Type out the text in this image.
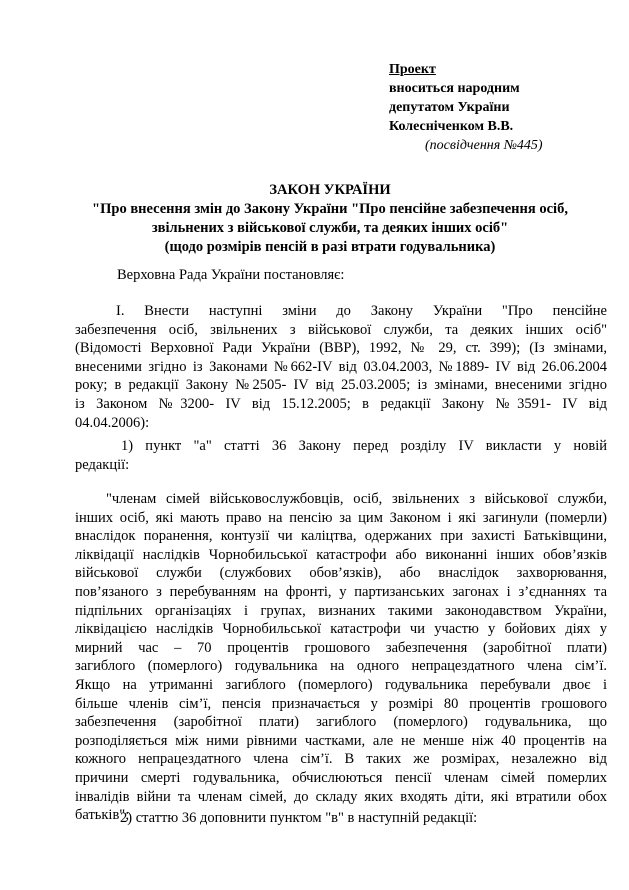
Проект
вноситься народним
депутатом України
Колесніченком В.В.
(посвідчення №445)
ЗАКОН УКРАЇНИ
"Про внесення змін до Закону України "Про пенсійне забезпечення осіб,
звільнених з військової служби, та деяких інших осіб"
(щодо розмірів пенсій в разі втрати годувальника)
Верховна Рада України постановляє:
I. Внести наступні зміни до Закону України "Про пенсійне
забезпечення осіб, звільнених з військової служби, та деяких інших осіб"
(Відомості Верховної Ради України (ВВР), 1992, № 29, ст. 399); (Із змінами,
внесеними згідно із Законами №662-IV від 03.04.2003, №1889- IV від 26.06.2004
року; в редакції Закону №2505- IV від 25.03.2005; із змінами, внесеними згідно
із Законом №3200- IV від 15.12.2005; в редакції Закону №3591- IV від
04.04.2006):
1) пункт "а" статті 36 Закону перед розділу IV викласти у новій
редакції:
"членам сімей військовослужбовців, осіб, звільнених з військової служби,
інших осіб, які мають право на пенсію за цим Законом і які загинули (померли)
внаслідок поранення, контузії чи каліцтва, одержаних при захисті Батьківщини,
ліквідації наслідків Чорнобильської катастрофи або виконанні інших обов’язків
військової служби (службових обов’язків), або внаслідок захворювання,
пов’язаного з перебуванням на фронті, у партизанських загонах і з’єднаннях та
підпільних організаціях і групах, визнаних такими законодавством України,
ліквідацією наслідків Чорнобильської катастрофи чи участю у бойових діях у
мирний час – 70 процентів грошового забезпечення (заробітної плати)
загиблого (померлого) годувальника на одного непрацездатного члена сім’ї.
Якщо на утриманні загиблого (померлого) годувальника перебували двоє і
більше членів сім’ї, пенсія призначається у розмірі 80 процентів грошового
забезпечення (заробітної плати) загиблого (померлого) годувальника, що
розподіляється між ними рівними частками, але не менше ніж 40 процентів на
кожного непрацездатного члена сім’ї. В таких же розмірах, незалежно від
причини смерті годувальника, обчислюються пенсії членам сімей померлих
інвалідів війни та членам сімей, до складу яких входять діти, які втратили обох
батьків";
2) статтю 36 доповнити пунктом "в" в наступній редакції:
